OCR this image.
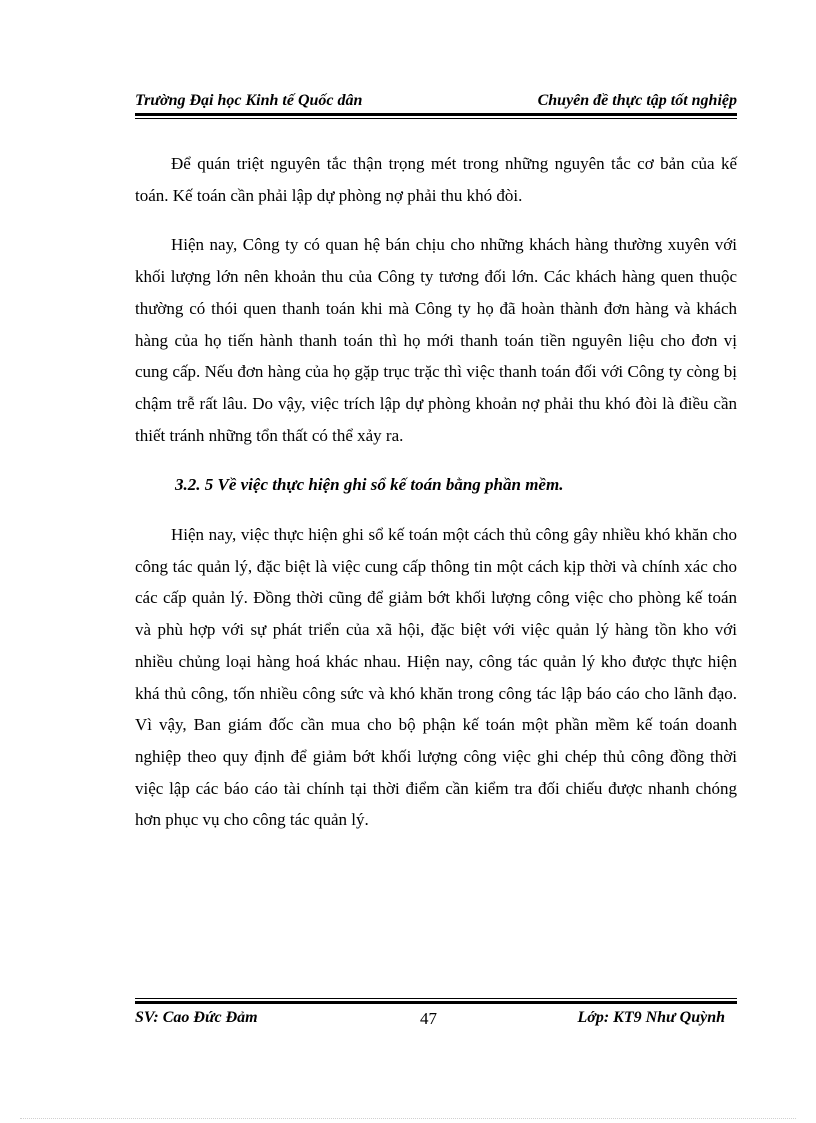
Trường Đại học Kinh tế Quốc dân	Chuyên đề thực tập tốt nghiệp

Để quán triệt nguyên tắc thận trọng mét trong những nguyên tắc cơ bản của kế toán. Kế toán cần phải lập dự phòng nợ phải thu khó đòi.

Hiện nay, Công ty có quan hệ bán chịu cho những khách hàng thường xuyên với khối lượng lớn nên khoản thu của Công ty tương đối lớn. Các khách hàng quen thuộc thường có thói quen thanh toán khi mà Công ty họ đã hoàn thành đơn hàng và khách hàng của họ tiến hành thanh toán thì họ mới thanh toán tiền nguyên liệu cho đơn vị cung cấp. Nếu đơn hàng của họ gặp trục trặc thì việc thanh toán đối với Công ty còng bị chậm trễ rất lâu. Do vậy, việc trích lập dự phòng khoản nợ phải thu khó đòi là điều cần thiết tránh những tổn thất có thể xảy ra.

3.2. 5 Về việc thực hiện ghi sổ kế toán bằng phần mềm.

Hiện nay, việc thực hiện ghi sổ kế toán một cách thủ công gây nhiều khó khăn cho công tác quản lý, đặc biệt là việc cung cấp thông tin một cách kịp thời và chính xác cho các cấp quản lý. Đồng thời cũng để giảm bớt khối lượng công việc cho phòng kế toán và phù hợp với sự phát triển của xã hội, đặc biệt với việc quản lý hàng tồn kho với nhiều chủng loại hàng hoá khác nhau. Hiện nay, công tác quản lý kho được thực hiện khá thủ công, tốn nhiều công sức và khó khăn trong công tác lập báo cáo cho lãnh đạo. Vì vậy, Ban giám đốc cần mua cho bộ phận kế toán một phần mềm kế toán doanh nghiệp theo quy định để giảm bớt khối lượng công việc ghi chép thủ công đồng thời việc lập các báo cáo tài chính tại thời điểm cần kiểm tra đối chiếu được nhanh chóng hơn phục vụ cho công tác quản lý.

SV: Cao Đức Đảm	47	Lớp: KT9 Như Quỳnh
